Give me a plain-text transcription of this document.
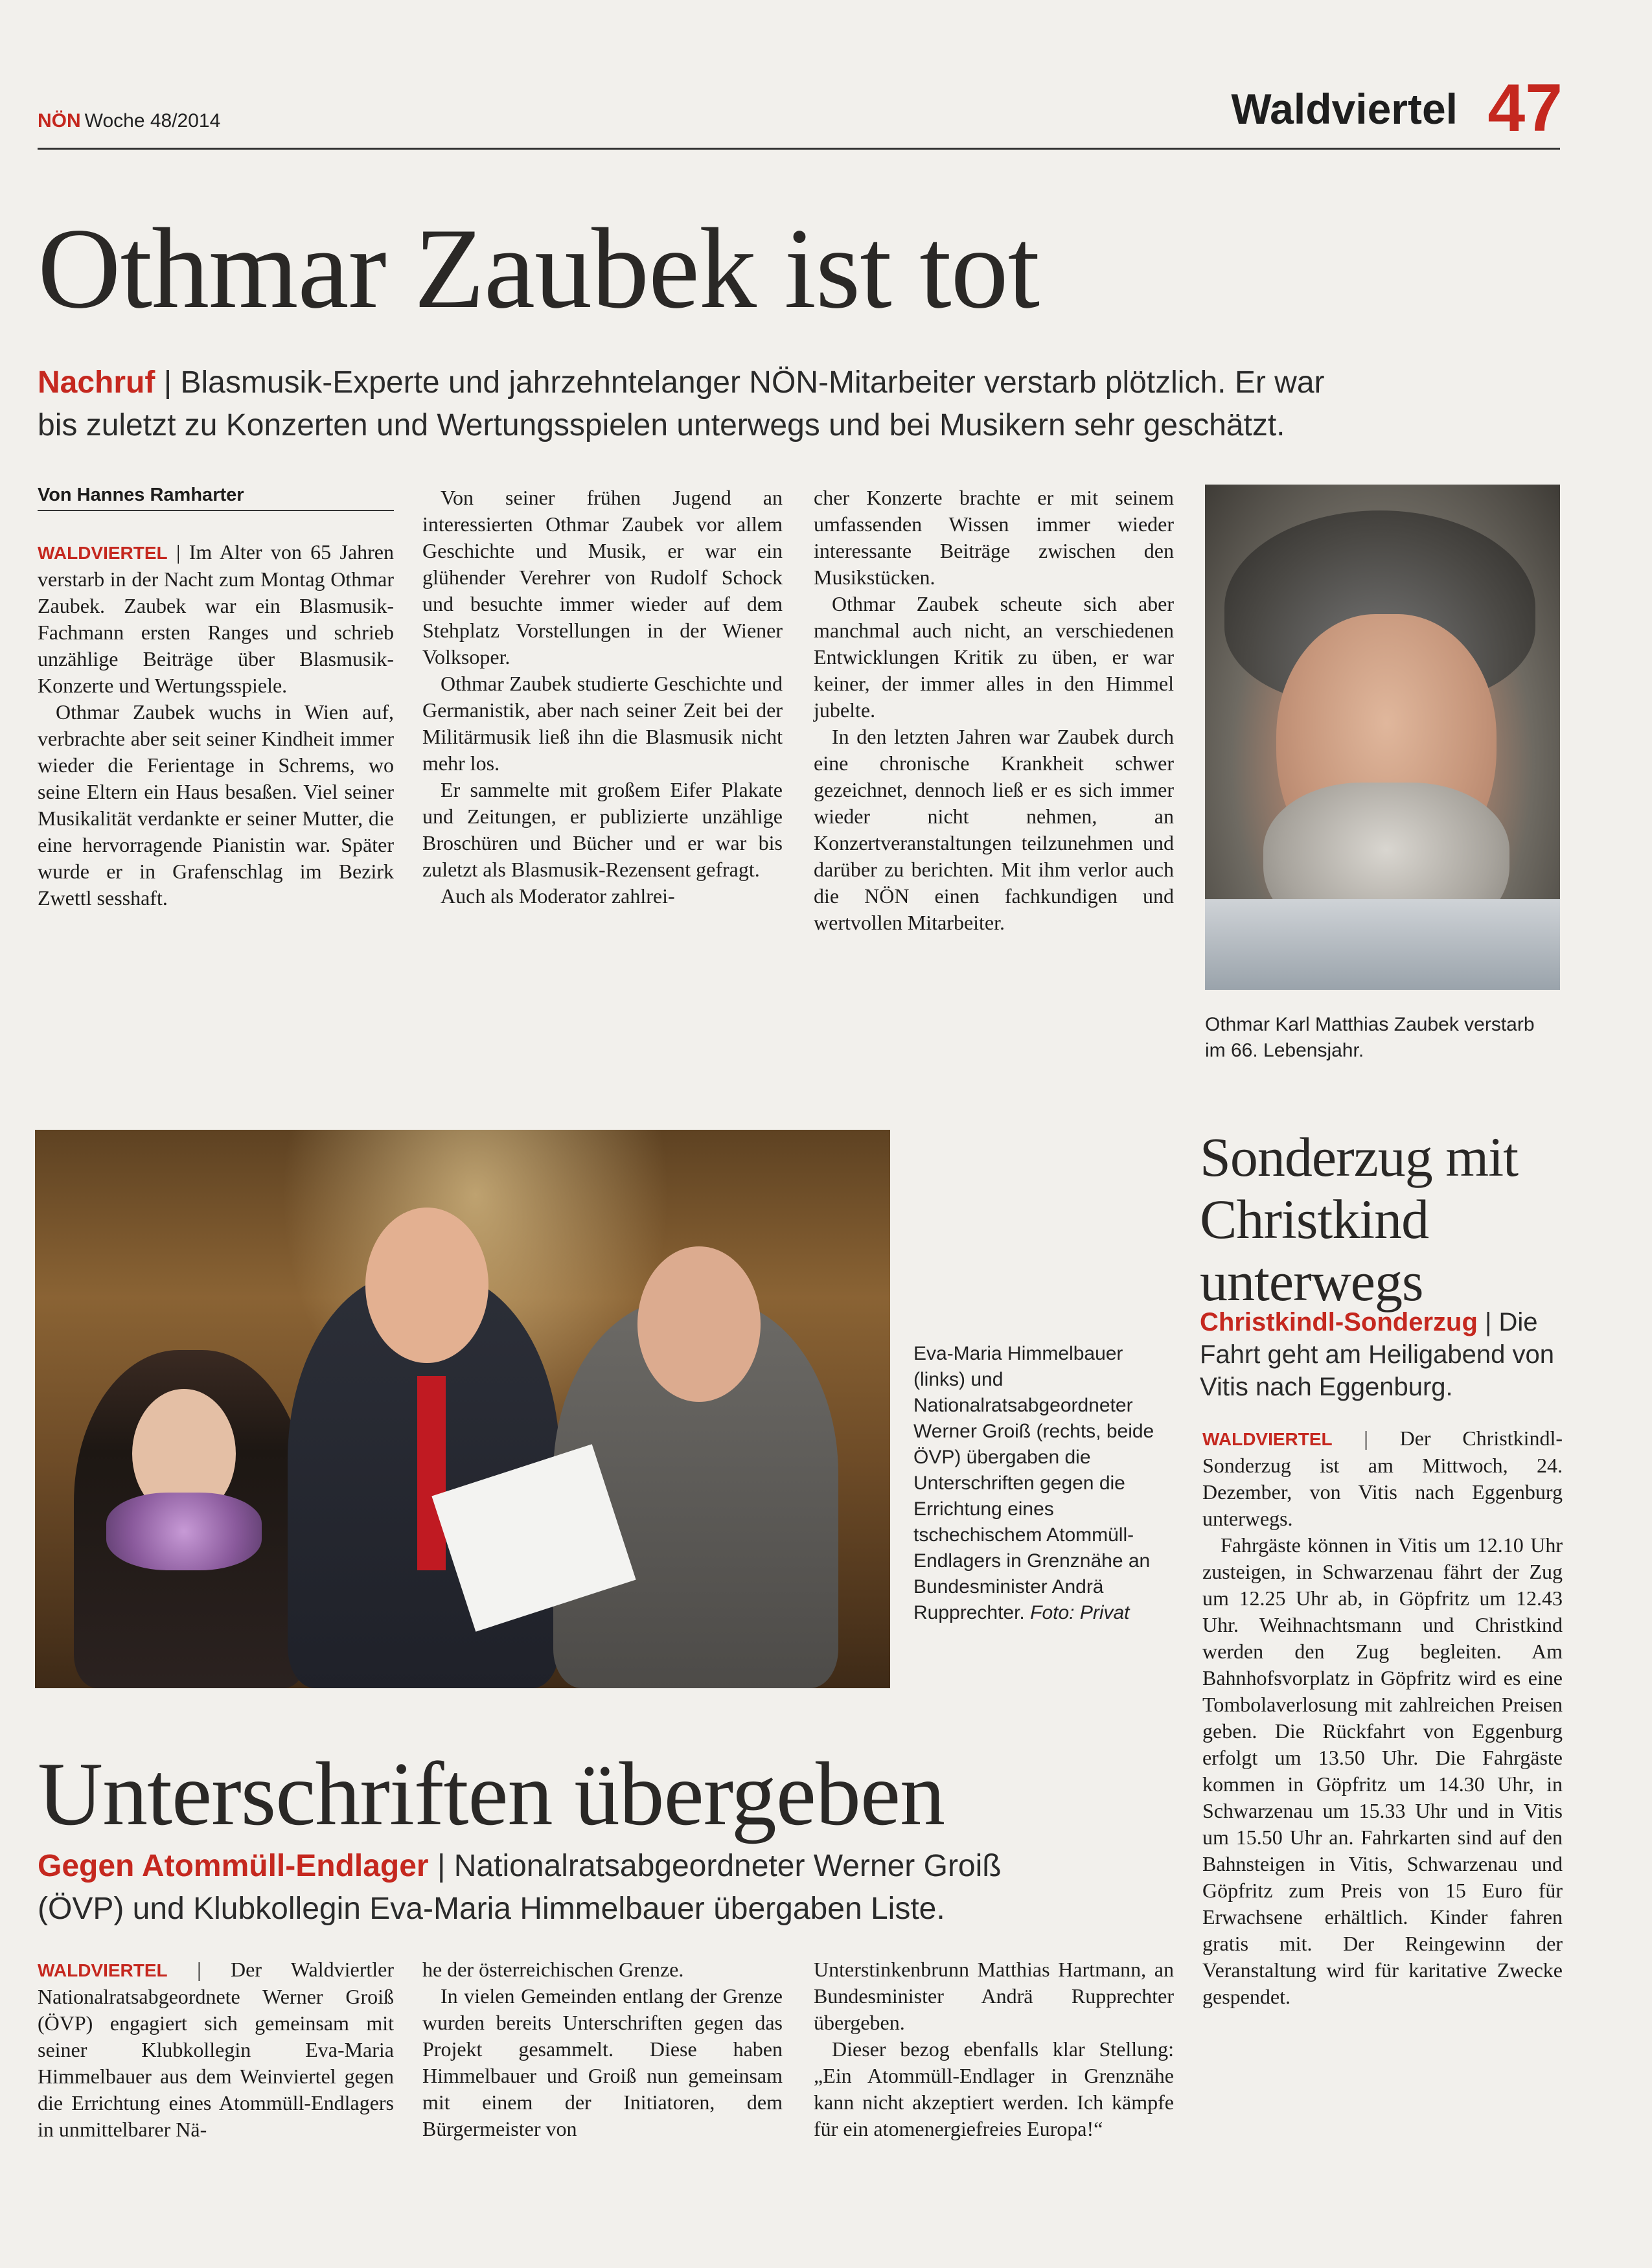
NÖN Woche 48/2014	Waldviertel 47
Othmar Zaubek ist tot
Nachruf | Blasmusik-Experte und jahrzehntelanger NÖN-Mitarbeiter verstarb plötzlich. Er war
bis zuletzt zu Konzerten und Wertungsspielen unterwegs und bei Musikern sehr geschätzt.
Von Hannes Ramharter

WALDVIERTEL | Im Alter von 65 Jahren verstarb in der Nacht zum Montag Othmar Zaubek. Zaubek war ein Blasmusik-Fachmann ersten Ranges und schrieb unzählige Beiträge über Blasmusik-Konzerte und Wertungsspiele.

Othmar Zaubek wuchs in Wien auf, verbrachte aber seit seiner Kindheit immer wieder die Ferientage in Schrems, wo seine Eltern ein Haus besaßen. Viel seiner Musikalität verdankte er seiner Mutter, die eine hervorragende Pianistin war. Später wurde er in Grafenschlag im Bezirk Zwettl sesshaft.

Von seiner frühen Jugend an interessierten Othmar Zaubek vor allem Geschichte und Musik, er war ein glühender Verehrer von Rudolf Schock und besuchte immer wieder auf dem Stehplatz Vorstellungen in der Wiener Volksoper.

Othmar Zaubek studierte Geschichte und Germanistik, aber nach seiner Zeit bei der Militärmusik ließ ihn die Blasmusik nicht mehr los.

Er sammelte mit großem Eifer Plakate und Zeitungen, er publizierte unzählige Broschüren und Bücher und er war bis zuletzt als Blasmusik-Rezensent gefragt.

Auch als Moderator zahlrei-

cher Konzerte brachte er mit seinem umfassenden Wissen immer wieder interessante Beiträge zwischen den Musikstücken.

Othmar Zaubek scheute sich aber manchmal auch nicht, an verschiedenen Entwicklungen Kritik zu üben, er war keiner, der immer alles in den Himmel jubelte.

In den letzten Jahren war Zaubek durch eine chronische Krankheit schwer gezeichnet, dennoch ließ er es sich immer wieder nicht nehmen, an Konzertveranstaltungen teilzunehmen und darüber zu berichten. Mit ihm verlor auch die NÖN einen fachkundigen und wertvollen Mitarbeiter.

Othmar Karl Matthias Zaubek verstarb im 66. Lebensjahr.
Eva-Maria Himmelbauer (links) und Nationalratsabgeordneter Werner Groiß (rechts, beide ÖVP) übergaben die Unterschriften gegen die Errichtung eines tschechischem Atommüll-Endlagers in Grenznähe an Bundesminister Andrä Rupprechter. Foto: Privat
Unterschriften übergeben
Gegen Atommüll-Endlager | Nationalratsabgeordneter Werner Groiß
(ÖVP) und Klubkollegin Eva-Maria Himmelbauer übergaben Liste.

WALDVIERTEL | Der Waldviertler Nationalratsabgeordnete Werner Groiß (ÖVP) engagiert sich gemeinsam mit seiner Klubkollegin Eva-Maria Himmelbauer aus dem Weinviertel gegen die Errichtung eines Atommüll-Endlagers in unmittelbarer Nä-

he der österreichischen Grenze.

In vielen Gemeinden entlang der Grenze wurden bereits Unterschriften gegen das Projekt gesammelt. Diese haben Himmelbauer und Groiß nun gemeinsam mit einem der Initiatoren, dem Bürgermeister von

Unterstinkenbrunn Matthias Hartmann, an Bundesminister Andrä Rupprechter übergeben.

Dieser bezog ebenfalls klar Stellung: „Ein Atommüll-Endlager in Grenznähe kann nicht akzeptiert werden. Ich kämpfe für ein atomenergiefreies Europa!“

Sonderzug mit Christkind unterwegs
Christkindl-Sonderzug | Die Fahrt geht am Heiligabend von Vitis nach Eggenburg.

WALDVIERTEL | Der Christkindl-Sonderzug ist am Mittwoch, 24. Dezember, von Vitis nach Eggenburg unterwegs.

Fahrgäste können in Vitis um 12.10 Uhr zusteigen, in Schwarzenau fährt der Zug um 12.25 Uhr ab, in Göpfritz um 12.43 Uhr. Weihnachtsmann und Christkind werden den Zug begleiten. Am Bahnhofsvorplatz in Göpfritz wird es eine Tombolaverlosung mit zahlreichen Preisen geben. Die Rückfahrt von Eggenburg erfolgt um 13.50 Uhr. Die Fahrgäste kommen in Göpfritz um 14.30 Uhr, in Schwarzenau um 15.33 Uhr und in Vitis um 15.50 Uhr an. Fahrkarten sind auf den Bahnsteigen in Vitis, Schwarzenau und Göpfritz zum Preis von 15 Euro für Erwachsene erhältlich. Kinder fahren gratis mit. Der Reingewinn der Veranstaltung wird für karitative Zwecke gespendet.
